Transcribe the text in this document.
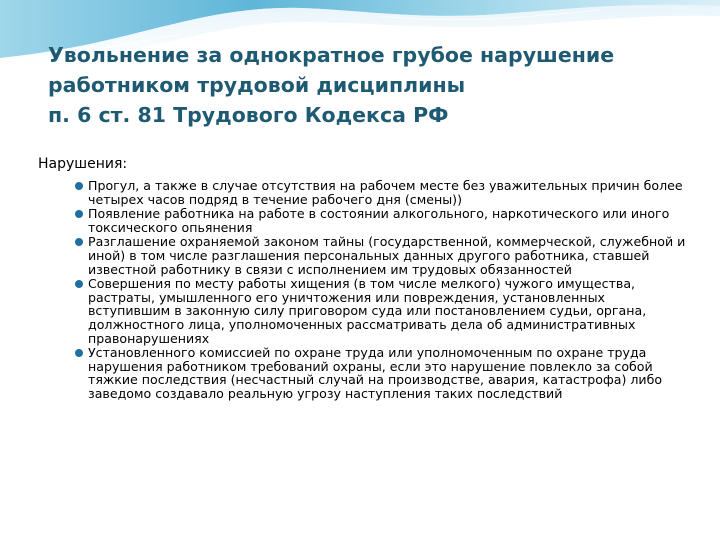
Увольнение за однократное грубое нарушение
работником трудовой дисциплины
п. 6 ст. 81 Трудового Кодекса РФ

Нарушения:

Прогул, а также в случае отсутствия на рабочем месте без уважительных причин более четырех часов подряд в течение рабочего дня (смены))
Появление работника на работе в состоянии алкогольного, наркотического или иного токсического опьянения
Разглашение охраняемой законом тайны (государственной, коммерческой, служебной и иной) в том числе разглашения персональных данных другого работника, ставшей известной работнику в связи с исполнением им трудовых обязанностей
Совершения по месту работы хищения (в том числе мелкого) чужого имущества, растраты, умышленного его уничтожения или повреждения, установленных вступившим в законную силу приговором суда или постановлением судьи, органа, должностного лица, уполномоченных рассматривать дела об административных правонарушениях
Установленного комиссией по охране труда или уполномоченным по охране труда нарушения работником требований охраны, если это нарушение повлекло за собой тяжкие последствия (несчастный случай на производстве, авария, катастрофа) либо заведомо создавало реальную угрозу наступления таких последствий
